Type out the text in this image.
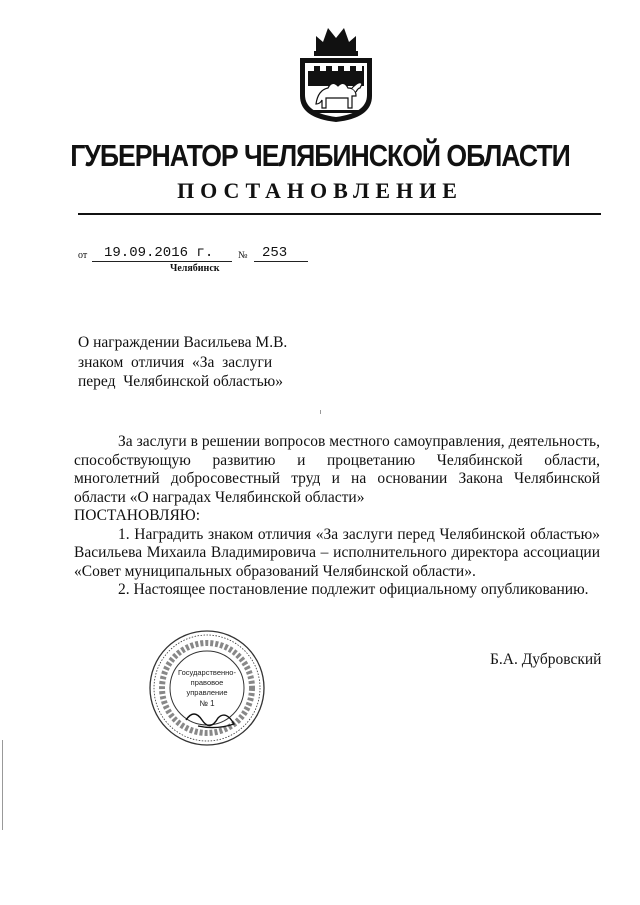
ГУБЕРНАТОР ЧЕЛЯБИНСКОЙ ОБЛАСТИ
ПОСТАНОВЛЕНИЕ
от 19.09.2016 г. № 253
Челябинск
О награждении Васильева М.В.
знаком  отличия  «За  заслуги
перед  Челябинской областью»

За заслуги в решении вопросов местного самоуправления, деятельность, способствующую развитию и процветанию Челябинской области, многолетний добросовестный труд и на основании Закона Челябинской области «О наградах Челябинской области»

ПОСТАНОВЛЯЮ:

1. Наградить знаком отличия «За заслуги перед Челябинской областью» Васильева Михаила Владимировича – исполнительного директора ассоциации «Совет муниципальных образований Челябинской области».

2. Настоящее постановление подлежит официальному опубликованию.

Государственно-
правовое
управление
№ 1
Б.А. Дубровский
